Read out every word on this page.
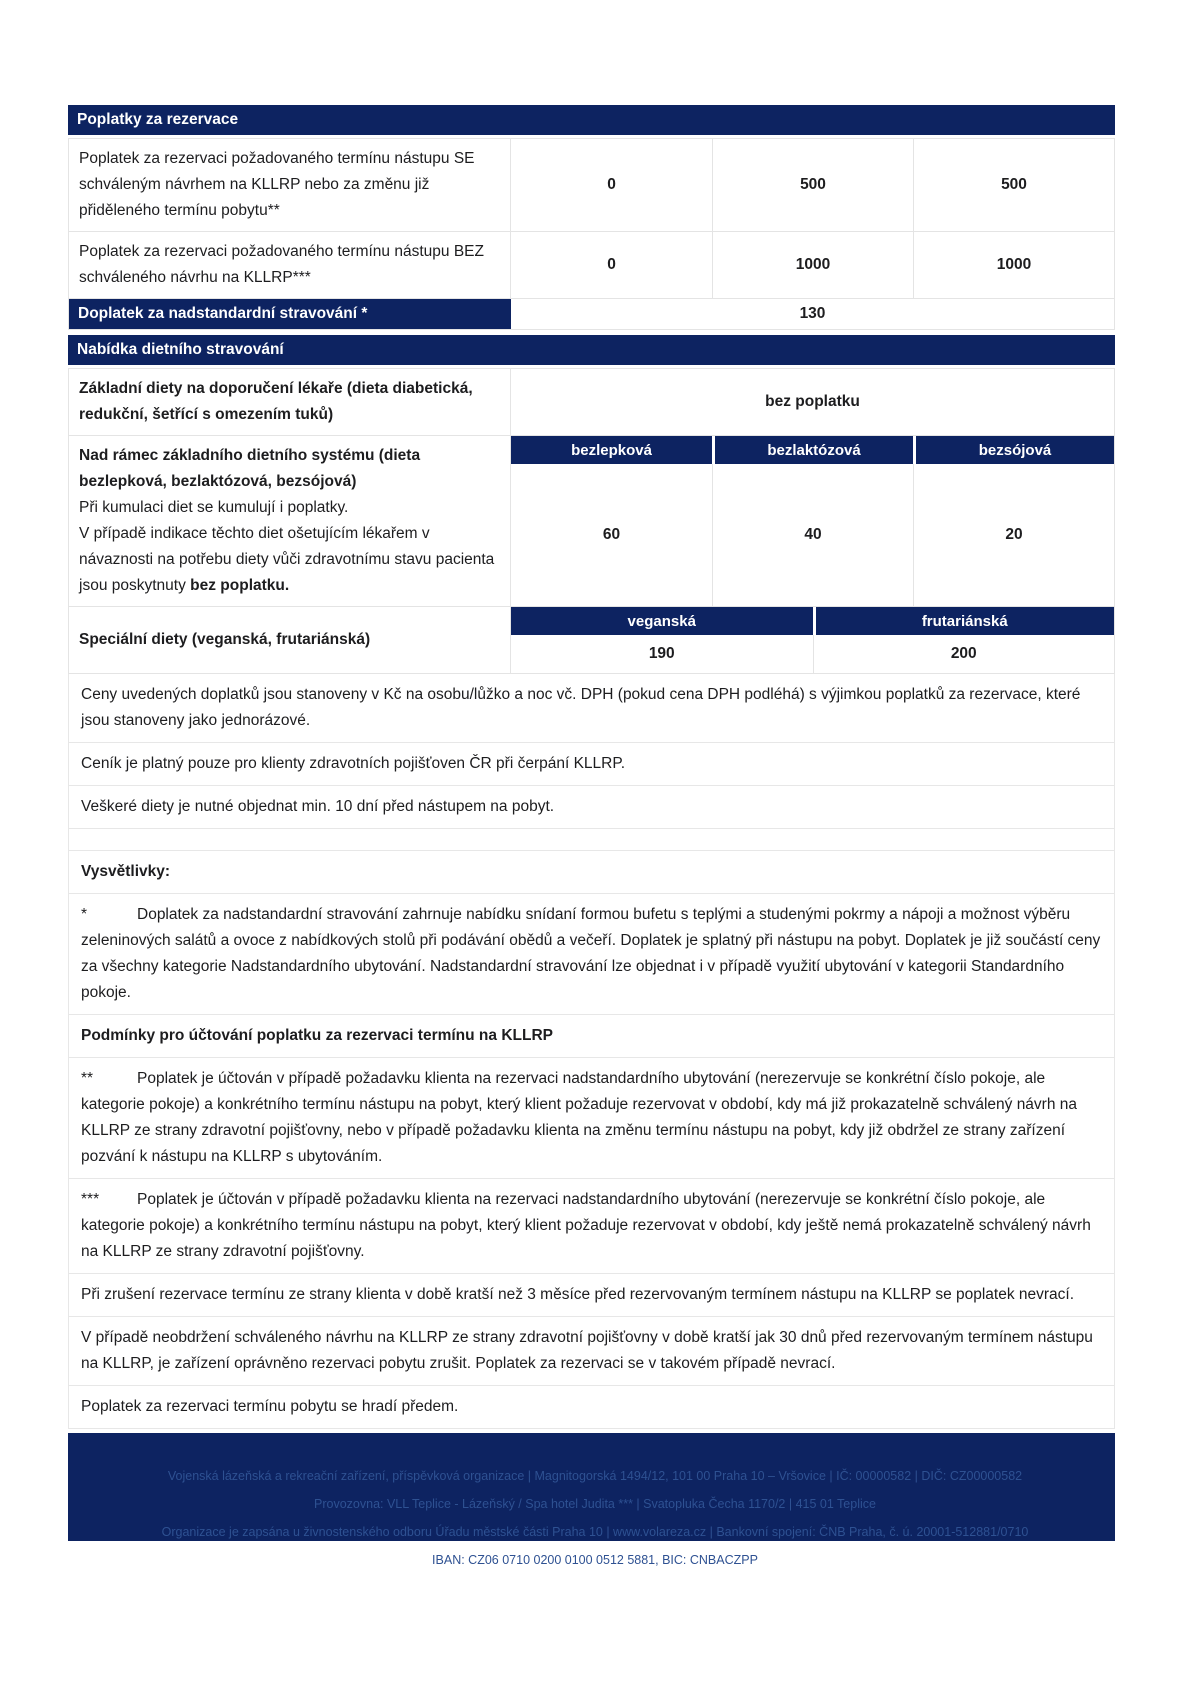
Poplatky za rezervace
Poplatek za rezervaci požadovaného termínu nástupu SE schváleným návrhem na KLLRP nebo za změnu již přiděleného termínu pobytu**
0	500	500
Poplatek za rezervaci požadovaného termínu nástupu BEZ schváleného návrhu na KLLRP***
0	1000	1000
Doplatek za nadstandardní stravování *	130
Nabídka dietního stravování
Základní diety na doporučení lékaře (dieta diabetická, redukční, šetřící s omezením tuků)
bez poplatku
Nad rámec základního dietního systému (dieta bezlepková, bezlaktózová, bezsójová)
Při kumulaci diet se kumulují i poplatky.
V případě indikace těchto diet ošetujícím lékařem v návaznosti na potřebu diety vůči zdravotnímu stavu pacienta jsou poskytnuty bez poplatku.
bezlepková	bezlaktózová	bezsójová
60	40	20
Speciální diety (veganská, frutariánská)
veganská	frutariánská
190	200
Ceny uvedených doplatků jsou stanoveny v Kč na osobu/lůžko a noc vč. DPH (pokud cena DPH podléhá) s výjimkou poplatků za rezervace, které jsou stanoveny jako jednorázové.
Ceník je platný pouze pro klienty zdravotních pojišťoven ČR při čerpání KLLRP.
Veškeré diety je nutné objednat min. 10 dní před nástupem na pobyt.
Vysvětlivky:
*	Doplatek za nadstandardní stravování zahrnuje nabídku snídaní formou bufetu s teplými a studenými pokrmy a nápoji a možnost výběru zeleninových salátů a ovoce z nabídkových stolů při podávání obědů a večeří. Doplatek je splatný při nástupu na pobyt. Doplatek je již součástí ceny za všechny kategorie Nadstandardního ubytování. Nadstandardní stravování lze objednat i v případě využití ubytování v kategorii Standardního pokoje.
Podmínky pro účtování poplatku za rezervaci termínu na KLLRP
**	Poplatek je účtován v případě požadavku klienta na rezervaci nadstandardního ubytování (nerezervuje se konkrétní číslo pokoje, ale kategorie pokoje) a konkrétního termínu nástupu na pobyt, který klient požaduje rezervovat v období, kdy má již prokazatelně schválený návrh na KLLRP ze strany zdravotní pojišťovny, nebo v případě požadavku klienta na změnu termínu nástupu na pobyt, kdy již obdržel ze strany zařízení pozvání k nástupu na KLLRP s ubytováním.
*** Poplatek je účtován v případě požadavku klienta na rezervaci nadstandardního ubytování (nerezervuje se konkrétní číslo pokoje, ale kategorie pokoje) a konkrétního termínu nástupu na pobyt, který klient požaduje rezervovat v období, kdy ještě nemá prokazatelně schválený návrh na KLLRP ze strany zdravotní pojišťovny.
Při zrušení rezervace termínu ze strany klienta v době kratší než 3 měsíce před rezervovaným termínem nástupu na KLLRP se poplatek nevrací.
V případě neobdržení schváleného návrhu na KLLRP ze strany zdravotní pojišťovny v době kratší jak 30 dnů před rezervovaným termínem nástupu na KLLRP, je zařízení oprávněno rezervaci pobytu zrušit. Poplatek za rezervaci se v takovém případě nevrací.
Poplatek za rezervaci termínu pobytu se hradí předem.
Vojenská lázeňská a rekreační zařízení, příspěvková organizace | Magnitogorská 1494/12, 101 00 Praha 10 – Vršovice | IČ: 00000582 | DIČ: CZ00000582
Provozovna: VLL Teplice - Lázeňský / Spa hotel Judita *** | Svatopluka Čecha 1170/2 | 415 01 Teplice
Organizace je zapsána u živnostenského odboru Úřadu městské části Praha 10 | www.volareza.cz | Bankovní spojení: ČNB Praha, č. ú. 20001-512881/0710
IBAN: CZ06 0710 0200 0100 0512 5881, BIC: CNBACZPP
